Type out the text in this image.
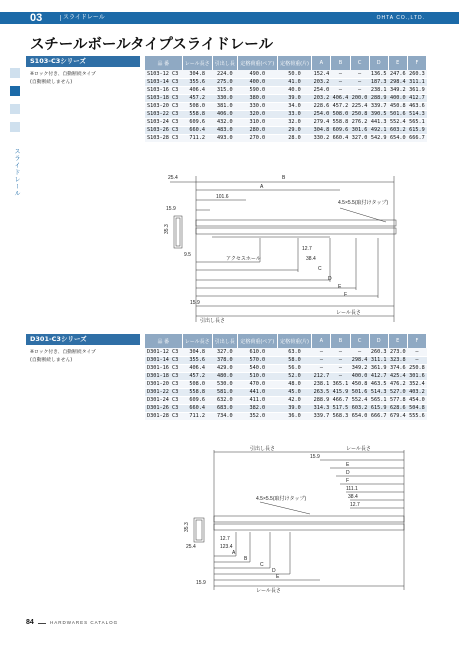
03	スライドレール	OHTA CO.,LTD.
スライドレール
スチールボールタイプスライドレール
S103-C3シリーズ
※ロック付き、自動断続タイプ
(自動断続しません)
品 番	レール長さ	引出し長	定格荷重(ペア)	定格荷重(片)	A	B	C	D	E	F
S103-12 C3	304.8	224.0	490.0	50.0	152.4	―	―	136.5	247.6	260.3
S103-14 C3	355.6	275.0	400.0	41.0	203.2	―	―	187.3	298.4	311.1
S103-16 C3	406.4	315.0	590.0	40.0	254.0	―	―	238.1	349.2	361.9
S103-18 C3	457.2	330.0	380.0	39.0	203.2	406.4	200.0	288.9	400.0	412.7
S103-20 C3	508.0	381.0	330.0	34.0	228.6	457.2	225.4	339.7	450.8	463.6
S103-22 C3	558.8	406.0	320.0	33.0	254.0	508.0	250.8	390.5	501.6	514.3
S103-24 C3	609.6	432.0	310.0	32.0	279.4	558.8	276.2	441.3	552.4	565.1
S103-26 C3	660.4	483.0	280.0	29.0	304.8	609.6	301.6	492.1	603.2	615.9
S103-28 C3	711.2	493.0	270.0	28.0	330.2	660.4	327.0	542.9	654.0	666.7
25.4	B
A
101.6
15.9
4.5×5.5(取付けタップ)
35.3
9.5
12.7
38.4
C
D
E
F
15.9
アクセスホール
引出し長さ
レール長さ
D301-C3シリーズ
※ロック付き、自動断続タイプ
(自動断続しません)
品 番	レール長さ	引出し長	定格荷重(ペア)	定格荷重(片)	A	B	C	D	E	F
D301-12 C3	304.8	327.0	610.0	63.0	―	―	―	260.3	273.0	―
D301-14 C3	355.6	378.0	570.0	58.0	―	―	298.4	311.1	323.8	―
D301-16 C3	406.4	429.0	540.0	56.0	―	―	349.2	361.9	374.6	250.8
D301-18 C3	457.2	480.0	510.0	52.0	212.7	―	400.0	412.7	425.4	301.6
D301-20 C3	508.0	530.0	470.0	48.0	238.1	365.1	450.8	463.5	476.2	352.4
D301-22 C3	558.8	581.0	441.0	45.0	263.5	415.9	501.6	514.3	527.0	403.2
D301-24 C3	609.6	632.0	411.0	42.0	288.9	466.7	552.4	565.1	577.8	454.0
D301-26 C3	660.4	683.0	382.0	39.0	314.3	517.5	603.2	615.9	628.6	504.8
D301-28 C3	711.2	734.0	352.0	36.0	339.7	568.3	654.0	666.7	679.4	555.6
引出し長さ	レール長さ
15.9
E
D
F
111.1
38.4
4.5×5.5(取付けタップ)
12.7
35.3
25.4
12.7
123.4
A
B
C
D
E
15.9
レール長さ
84	HARDWARES CATALOG
